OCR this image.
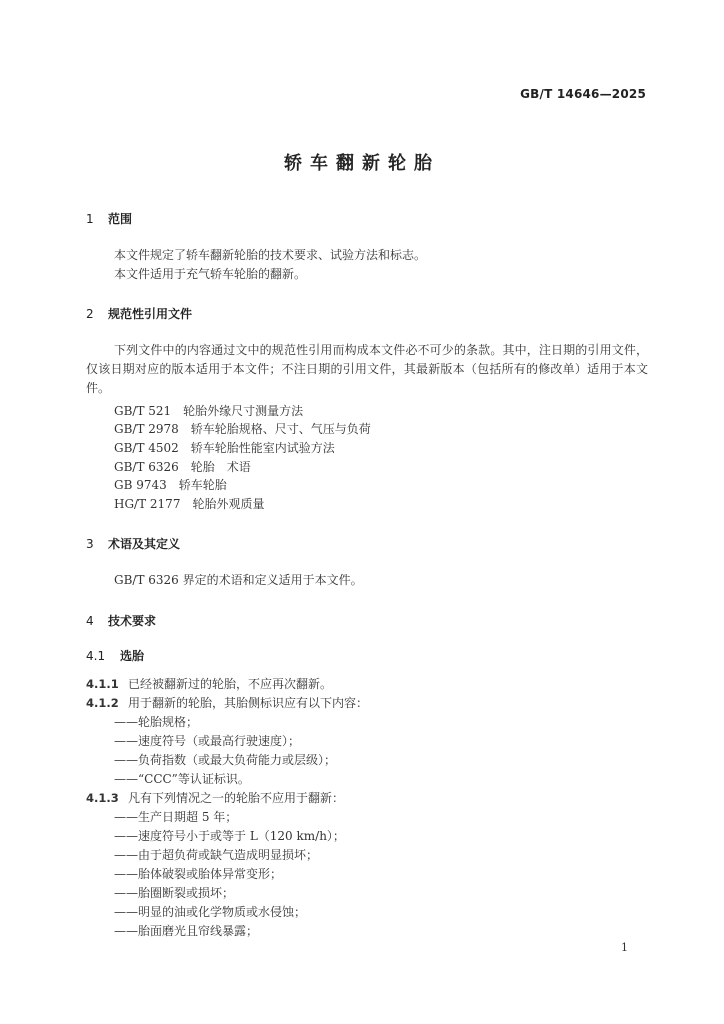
GB/T 14646—2025
轿车翻新轮胎
1 范围
本文件规定了轿车翻新轮胎的技术要求、试验方法和标志。
本文件适用于充气轿车轮胎的翻新。
2 规范性引用文件
下列文件中的内容通过文中的规范性引用而构成本文件必不可少的条款。其中，注日期的引用文件，仅该日期对应的版本适用于本文件；不注日期的引用文件，其最新版本（包括所有的修改单）适用于本文件。
GB/T 521　轮胎外缘尺寸测量方法
GB/T 2978　轿车轮胎规格、尺寸、气压与负荷
GB/T 4502　轿车轮胎性能室内试验方法
GB/T 6326　轮胎　术语
GB 9743　轿车轮胎
HG/T 2177　轮胎外观质量
3 术语及其定义
GB/T 6326 界定的术语和定义适用于本文件。
4 技术要求
4.1 选胎
4.1.1 已经被翻新过的轮胎，不应再次翻新。
4.1.2 用于翻新的轮胎，其胎侧标识应有以下内容：
——轮胎规格；
——速度符号（或最高行驶速度）；
——负荷指数（或最大负荷能力或层级）；
——“CCC”等认证标识。
4.1.3 凡有下列情况之一的轮胎不应用于翻新：
——生产日期超 5 年；
——速度符号小于或等于 L（120 km/h）；
——由于超负荷或缺气造成明显损坏；
——胎体破裂或胎体异常变形；
——胎圈断裂或损坏；
——明显的油或化学物质或水侵蚀；
——胎面磨光且帘线暴露；
1
